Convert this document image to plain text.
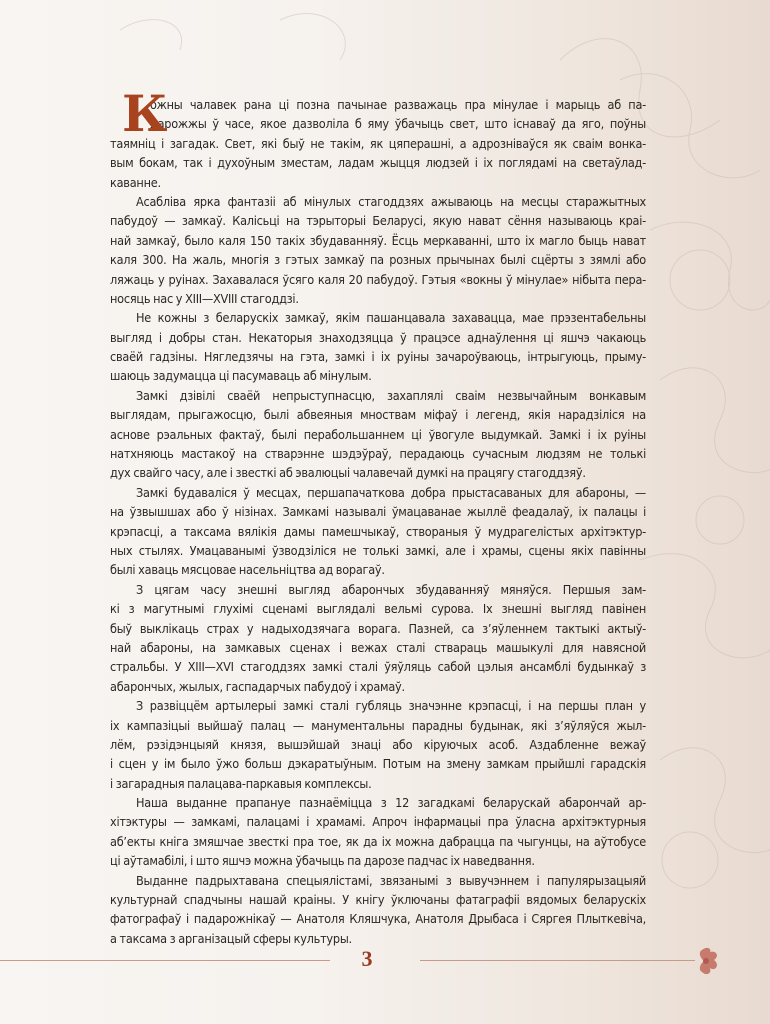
К
ожны чалавек рана ці позна пачынае разважаць пра мінулае і марыць аб па-
дарожжы ў часе, якое дазволіла б яму ўбачыць свет, што існаваў да яго, поўны
таямніц і загадак. Свет, які быў не такім, як цяперашні, а адрозніваўся як сваім вонка-
вым бокам, так і духоўным зместам, ладам жыцця людзей і іх поглядамі на светаўлад-
каванне.
Асаблiва ярка фантазіі аб мінулых стагоддзях ажываюць на месцы старажытных
пабудоў — замкаў. Калісьці на тэрыторыі Беларусі, якую нават сёння называюць краі-
най замкаў, было каля 150 такіх збудаванняў. Ёсць меркаванні, што іх магло быць нават
каля 300. На жаль, многія з гэтых замкаў па розных прычынах былі сцёрты з зямлі або
ляжаць у руінах. Захавалася ўсяго каля 20 пабудоў. Гэтыя «вокны ў мінулае» нібыта пера-
носяць нас у XIII—XVIII стагоддзі.
Не кожны з беларускіх замкаў, якім пашанцавала захавацца, мае прэзентабельны
выгляд і добры стан. Некаторыя знаходзяцца ў працэсе аднаўлення ці яшчэ чакаюць
сваёй гадзіны. Нягледзячы на гэта, замкі і іх руіны зачароўваюць, інтрыгуюць, прыму-
шаюць задумацца ці пасумаваць аб мінулым.
Замкі дзівілі сваёй непрыступнасцю, захаплялі сваім незвычайным вонкавым
выглядам, прыгажосцю, былі абвеяныя мноствам міфаў і легенд, якія нарадзіліся на
аснове рэальных фактаў, былі перабольшаннем ці ўвогуле выдумкай. Замкі і іх руіны
натхняюць мастакоў на стварэнне шэдэўраў, перадаюць сучасным людзям не толькі
дух свайго часу, але і звесткі аб эвалюцыі чалавечай думкі на працягу стагоддзяў.
Замкі будаваліся ў месцах, першапачаткова добра прыстасаваных для абароны, —
на ўзвышшах або ў нізінах. Замкамі называлі ўмацаванае жыллё феадалаў, іх палацы і
крэпасці, а таксама вялікія дамы памешчыкаў, створаныя ў мудрагелістых архітэктур-
ных стылях. Умацаванымі ўзводзіліся не толькі замкі, але і храмы, сцены якіх павінны
былі хаваць мясцовае насельніцтва ад ворагаў.
З цягам часу знешні выгляд абарончых збудаванняў мяняўся. Першыя зам-
кі з магутнымі глухімі сценамі выглядалі вельмі сурова. Іх знешні выгляд павінен
быў выклікаць страх у надыходзячага ворага. Пазней, са з’яўленнем тактыкі актыў-
най абароны, на замкавых сценах і вежах сталі ствараць машыкулі для навяснoй
стральбы. У XIII—XVI стагоддзях замкі сталі ўяўляць сабой цэлыя ансамблі будынкаў з
абарончых, жылых, гаспадарчых пабудоў і храмаў.
З развіццём артылерыі замкі сталі губляць значэнне крэпасці, і на першы план у
іх кампазіцыі выйшаў палац — манументальны парадны будынак, які з’яўляўся жыл-
лём, рэзідэнцыяй князя, вышэйшай знаці або кіруючых асоб. Аздабленне вежаў
і сцен у ім было ўжо больш дэкаратыўным. Потым на змену замкам прыйшлі гарадскія
і загарадныя палацава-паркавыя комплексы.
Наша выданне прапануе пазнаёміцца з 12 загадкамі беларускай абарончай ар-
хітэктуры — замкамі, палацамі і храмамі. Апроч інфармацыі пра ўласна архітэктурныя
аб’екты кніга змяшчае звесткі пра тое, як да іх можна дабрацца па чыгунцы, на аўтобусе
ці аўтамабілі, і што яшчэ можна ўбачыць па дарозе падчас іх наведвання.
Выданне падрыхтавана спецыялістамі, звязанымі з вывучэннем і папулярызацыяй
культурнай спадчыны нашай краіны. У кнігу ўключаны фатаграфіі вядомых беларускіх
фатографаў і падарожнікаў — Анатоля Кляшчука, Анатоля Дрыбаса і Сяргея Плыткевіча,
а таксама з арганізацый сферы культуры.
3
